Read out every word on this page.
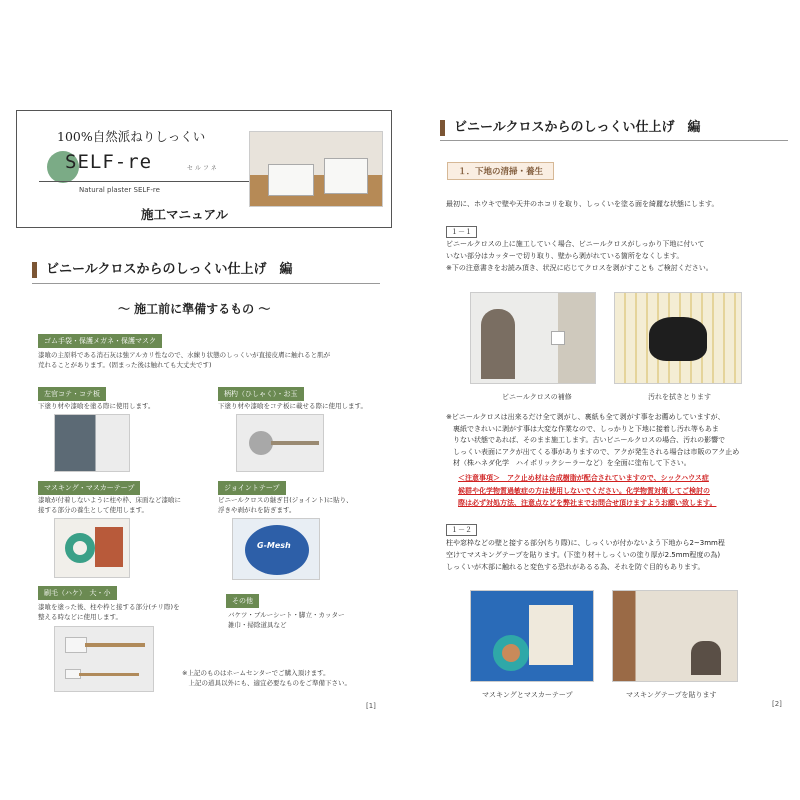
100%自然派ねりしっくい
SELF-re	セ ル フ ネ
Natural plaster SELF-re
施工マニュアル
ビニールクロスからのしっくい仕上げ　編
～ 施工前に準備するもの ～
ゴム手袋・保護メガネ・保護マスク
漆喰の主原料である消石灰は強アルカリ性なので、水練り状態のしっくいが直接皮膚に触れると肌が
荒れることがあります。(固まった後は触れても大丈夫です)
左官コテ・コテ板
下塗り材や漆喰を塗る際に使用します。
柄杓（ひしゃく）・お玉
下塗り材や漆喰をコテ板に載せる際に使用します。
マスキング・マスカーテープ
漆喰が付着しないように柱や枠、床面など漆喰に
接する部分の養生として使用します。
ジョイントテープ
ビニールクロスの継ぎ目(ジョイント)に貼り、
浮きや剥がれを防ぎます。
G-Mesh
刷毛（ハケ）　大・小
漆喰を塗った後、柱や枠と接する部分(チリ際)を
整える時などに使用します。
その他
バケツ・ブルーシート・脚立・カッター
雑巾・掃除道具など
※上記のものはホームセンターでご購入頂けます。
　上記の道具以外にも、適宜必要なものをご準備下さい。
[1]
ビニールクロスからのしっくい仕上げ　編
１．下地の清掃・養生
最初に、ホウキで壁や天井のホコリを取り、しっくいを塗る面を綺麗な状態にします。
１－１
ビニールクロスの上に施工していく場合、ビニールクロスがしっかり下地に付いて
いない部分はカッターで切り取り、壁から剥がれている箇所をなくします。
※下の注意書きをお読み頂き、状況に応じてクロスを剥がすことも ご検討ください。
ビニールクロスの補修	汚れを拭きとります
※ビニールクロスは出来るだけ全て剥がし、裏紙も全て剥がす事をお薦めしていますが、
　裏紙できれいに剥がす事は大変な作業なので、しっかりと下地に接着し汚れ等もあま
　りない状態であれば、そのまま施工します。古いビニールクロスの場合、汚れの影響で
　しっくい表面にアクが出てくる事がありますので、アクが発生される場合は市販のアク止め
　材（株ハネダ化学　ハイポリックシーラーなど）を全面に塗布して下さい。
＜注意事項＞　アク止め材は合成樹脂が配合されていますので、シックハウス症
候群や化学物質過敏症の方は使用しないでください。化学物質対策してご検討の
際は必ず対処方法、注意点などを弊社までお問合せ頂けますようお願い致します。
１－２
柱や窓枠などの壁と接する部分(ちり際)に、しっくいが付かないよう下地から2~3mm程
空けてマスキングテープを貼ります。(下塗り材＋しっくいの塗り厚が2.5mm程度の為)
しっくいが木部に触れると変色する恐れがあるる為、それを防ぐ目的もあります。
マスキングとマスカーテープ	マスキングテープを貼ります
[2]
